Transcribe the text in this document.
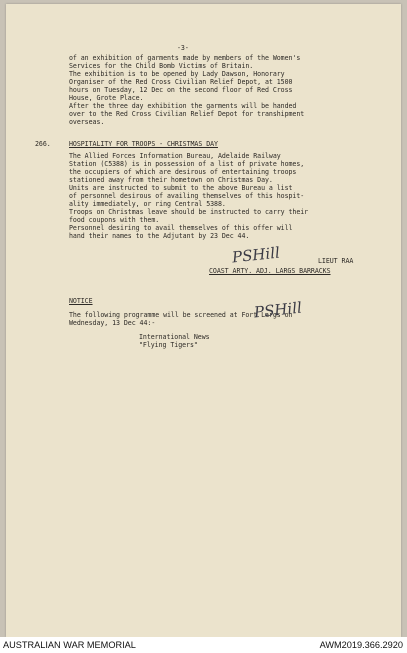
-3-
of an exhibition of garments made by members of the Women's
Services for the Child Bomb Victims of Britain.
The exhibition is to be opened by Lady Dawson, Honorary
Organiser of the Red Cross Civilian Relief Depot, at 1500
hours on Tuesday, 12 Dec on the second floor of Red Cross
House, Grote Place.
After the three day exhibition the garments will be handed
over to the Red Cross Civilian Relief Depot for transhipment
overseas.
266.	HOSPITALITY FOR TROOPS - CHRISTMAS DAY
The Allied Forces Information Bureau, Adelaide Railway
Station (C5388) is in possession of a list of private homes,
the occupiers of which are desirous of entertaining troops
stationed away from their hometown on Christmas Day.
Units are instructed to submit to the above Bureau a list
of personnel desirous of availing themselves of this hospit-
ality immediately, or ring Central 5388.
Troops on Christmas leave should be instructed to carry their
food coupons with them.
Personnel desiring to avail themselves of this offer will
hand their names to the Adjutant by 23 Dec 44.
PSHill	LIEUT RAA
COAST ARTY. ADJ. LARGS BARRACKS
NOTICE
The following programme will be screened at Fort Largs on
Wednesday, 13 Dec 44:-
International News
"Flying Tigers"
PSHill
AUSTRALIAN WAR MEMORIAL	AWM2019.366.2920
